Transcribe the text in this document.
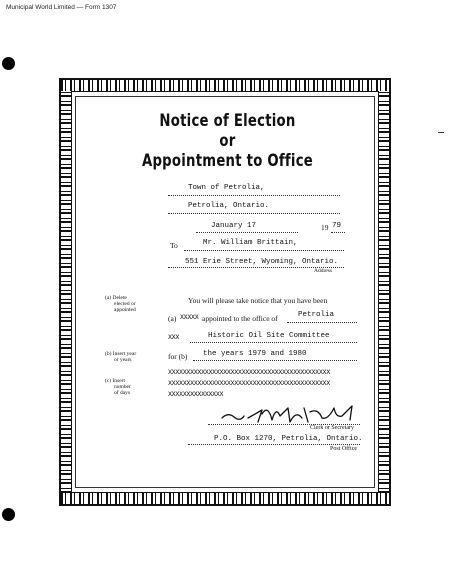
Municipal World Limited — Form 1307
Notice of Election
or
Appointment to Office
Town of Petrolia,
Petrolia, Ontario.
January 17	19 79
To	Mr. William Brittain,
551 Erie Street, Wyoming, Ontario.
Address
(a) Delete
elected or
appointed
(b) Insert year
or years
(c) Insert
number
of days
You will please take notice that you have been
(a) XXXXX appointed to the office of	Petrolia
XXX	Historic Oil Site Committee
for (b) the years 1979 and 1980
XXXXXXXXXXXXXXXXXXXXXXXXXXXXXXXXXXXXXXXXXXXX
XXXXXXXXXXXXXXXXXXXXXXXXXXXXXXXXXXXXXXXXXXXX
XXXXXXXXXXXXXXX
Clerk or Secretary
P.O. Box 1270, Petrolia, Ontario.
Post Office
